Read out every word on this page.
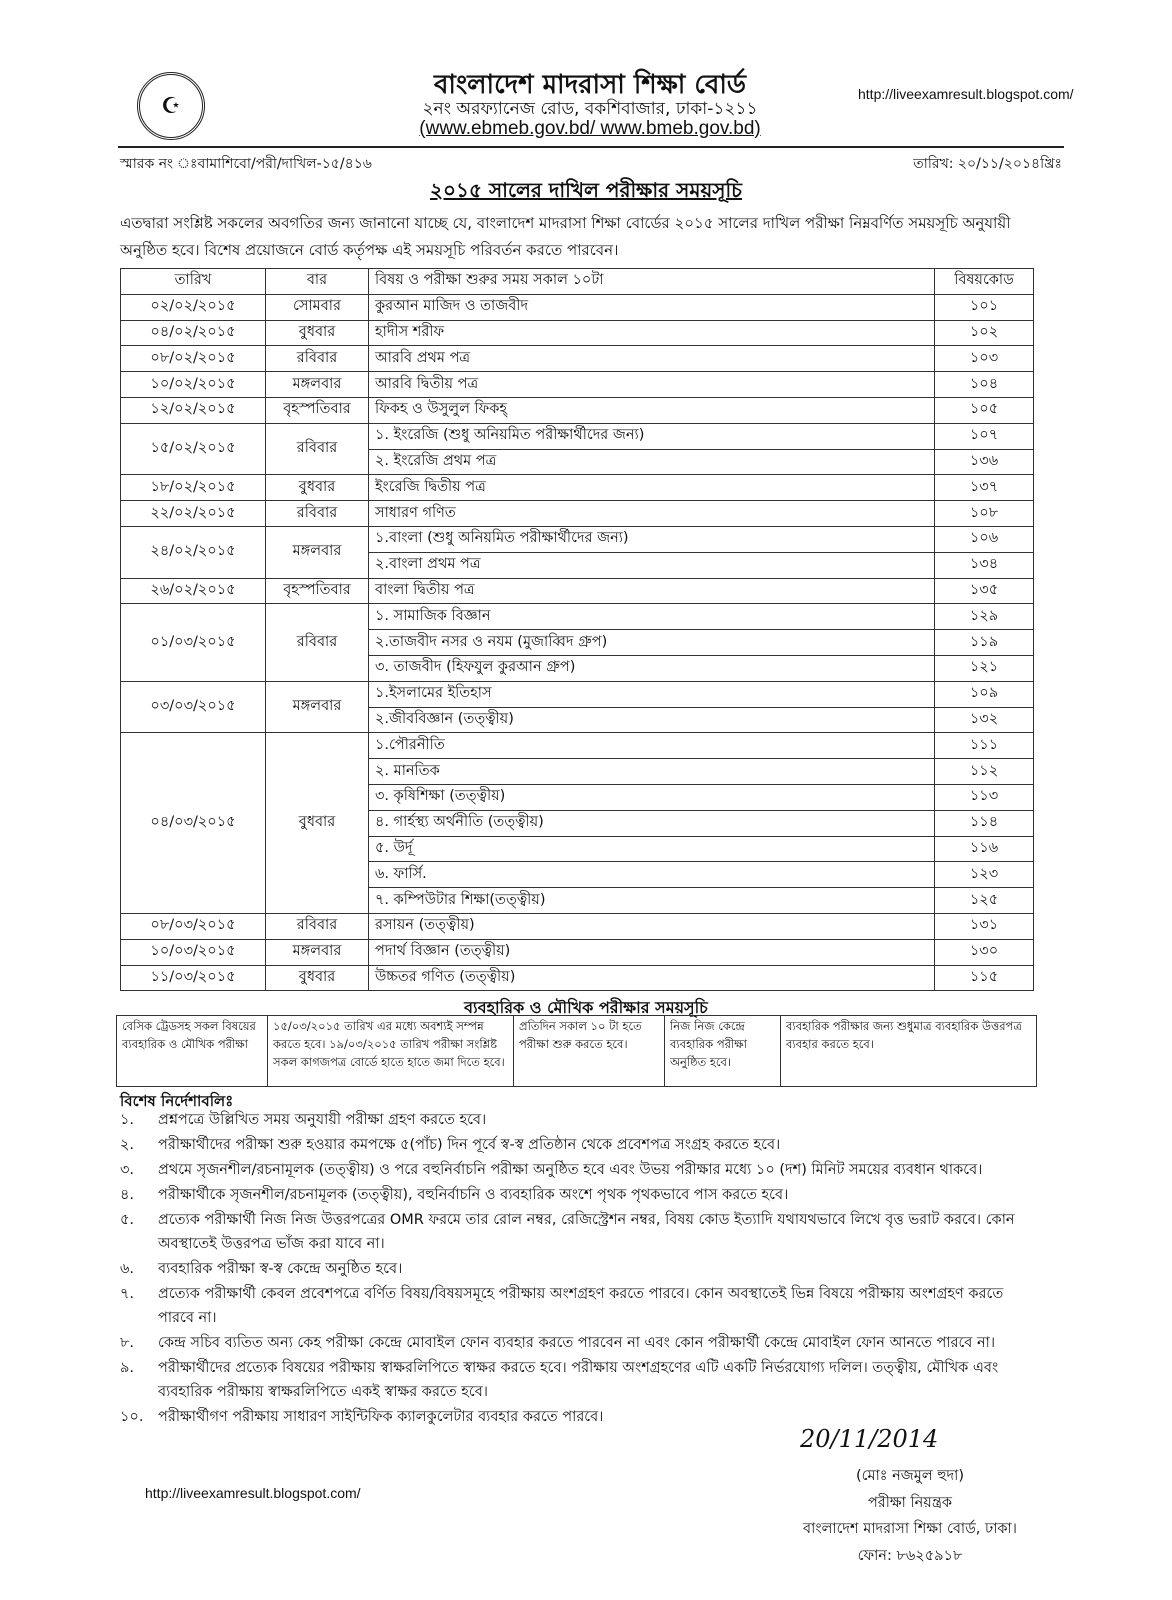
☪
বাংলাদেশ মাদরাসা শিক্ষা বোর্ড
২নং অরফ্যানেজ রোড, বকশিবাজার, ঢাকা-১২১১
(www.ebmeb.gov.bd/ www.bmeb.gov.bd)
http://liveexamresult.blogspot.com/
স্মারক নং ঃবামাশিবো/পরী/দাখিল-১৫/৪১৬	তারিখ: ২০/১১/২০১৪খ্রিঃ
২০১৫ সালের দাখিল পরীক্ষার সময়সূচি
এতদ্বারা সংশ্লিষ্ট সকলের অবগতির জন্য জানানো যাচ্ছে যে, বাংলাদেশ মাদরাসা শিক্ষা বোর্ডের ২০১৫ সালের দাখিল পরীক্ষা নিম্নবর্ণিত সময়সূচি অনুযায়ী অনুষ্ঠিত হবে। বিশেষ প্রয়োজনে বোর্ড কর্তৃপক্ষ এই সময়সূচি পরিবর্তন করতে পারবেন।
তারিখ	বার	বিষয় ও পরীক্ষা শুরুর সময় সকাল ১০টা	বিষয়কোড
০২/০২/২০১৫	সোমবার	কুরআন মাজিদ ও তাজবীদ	১০১
০৪/০২/২০১৫	বুধবার	হাদীস শরীফ	১০২
০৮/০২/২০১৫	রবিবার	আরবি প্রথম পত্র	১০৩
১০/০২/২০১৫	মঙ্গলবার	আরবি দ্বিতীয় পত্র	১০৪
১২/০২/২০১৫	বৃহস্পতিবার	ফিকহ ও উসুলুল ফিকহ্	১০৫
১৫/০২/২০১৫	রবিবার	১. ইংরেজি (শুধু অনিয়মিত পরীক্ষার্থীদের জন্য)	১০৭
		২. ইংরেজি প্রথম পত্র	১৩৬
১৮/০২/২০১৫	বুধবার	ইংরেজি দ্বিতীয় পত্র	১৩৭
২২/০২/২০১৫	রবিবার	সাধারণ গণিত	১০৮
২৪/০২/২০১৫	মঙ্গলবার	১.বাংলা (শুধু অনিয়মিত পরীক্ষার্থীদের জন্য)	১০৬
		২.বাংলা প্রথম পত্র	১৩৪
২৬/০২/২০১৫	বৃহস্পতিবার	বাংলা দ্বিতীয় পত্র	১৩৫
০১/০৩/২০১৫	রবিবার	১. সামাজিক বিজ্ঞান	১২৯
		২.তাজবীদ নসর ও নযম (মুজাব্বিদ গ্রুপ)	১১৯
		৩. তাজবীদ (হিফযুল কুরআন গ্রুপ)	১২১
০৩/০৩/২০১৫	মঙ্গলবার	১.ইসলামের ইতিহাস	১০৯
		২.জীববিজ্ঞান (তত্ত্বীয়)	১৩২
০৪/০৩/২০১৫	বুধবার	১.পৌরনীতি	১১১
		২. মানতিক	১১২
		৩. কৃষিশিক্ষা (তত্ত্বীয়)	১১৩
		৪. গার্হস্থ্য অর্থনীতি (তত্ত্বীয়)	১১৪
		৫. উর্দূ	১১৬
		৬. ফার্সি.	১২৩
		৭. কম্পিউটার শিক্ষা(তত্ত্বীয়)	১২৫
০৮/০৩/২০১৫	রবিবার	রসায়ন (তত্ত্বীয়)	১৩১
১০/০৩/২০১৫	মঙ্গলবার	পদার্থ বিজ্ঞান (তত্ত্বীয়)	১৩০
১১/০৩/২০১৫	বুধবার	উচ্চতর গণিত (তত্ত্বীয়)	১১৫
ব্যবহারিক ও মৌখিক পরীক্ষার সময়সূচি
বেসিক ট্রেডসহ সকল বিষয়ের ব্যবহারিক ও মৌখিক পরীক্ষা	১৫/০৩/২০১৫ তারিখ এর মধ্যে অবশ্যই সম্পন্ন করতে হবে। ১৯/০৩/২০১৫ তারিখ পরীক্ষা সংশ্লিষ্ট সকল কাগজপত্র বোর্ডে হাতে হাতে জমা দিতে হবে।	প্রতিদিন সকাল ১০ টা হতে পরীক্ষা শুরু করতে হবে।	নিজ নিজ কেন্দ্রে ব্যবহারিক পরীক্ষা অনুষ্ঠিত হবে।	ব্যবহারিক পরীক্ষার জন্য শুধুমাত্র ব্যবহারিক উত্তরপত্র ব্যবহার করতে হবে।
বিশেষ নির্দেশাবলিঃ
১.	প্রশ্নপত্রে উল্লিখিত সময় অনুযায়ী পরীক্ষা গ্রহণ করতে হবে।
২.	পরীক্ষার্থীদের পরীক্ষা শুরু হওয়ার কমপক্ষে ৫(পাঁচ) দিন পূর্বে স্ব-স্ব প্রতিষ্ঠান থেকে প্রবেশপত্র সংগ্রহ করতে হবে।
৩.	প্রথমে সৃজনশীল/রচনামূলক (তত্ত্বীয়) ও পরে বহুনির্বাচনি পরীক্ষা অনুষ্ঠিত হবে এবং উভয় পরীক্ষার মধ্যে ১০ (দশ) মিনিট সময়ের ব্যবধান থাকবে।
৪.	পরীক্ষার্থীকে সৃজনশীল/রচনামূলক (তত্ত্বীয়), বহুনির্বাচনি ও ব্যবহারিক অংশে পৃথক পৃথকভাবে পাস করতে হবে।
৫.	প্রত্যেক পরীক্ষার্থী নিজ নিজ উত্তরপত্রের OMR ফরমে তার রোল নম্বর, রেজিস্ট্রেশন নম্বর, বিষয় কোড ইত্যাদি যথাযথভাবে লিখে বৃত্ত ভরাট করবে। কোন অবস্থাতেই উত্তরপত্র ভাঁজ করা যাবে না।
৬.	ব্যবহারিক পরীক্ষা স্ব-স্ব কেন্দ্রে অনুষ্ঠিত হবে।
৭.	প্রত্যেক পরীক্ষার্থী কেবল প্রবেশপত্রে বর্ণিত বিষয়/বিষয়সমূহে পরীক্ষায় অংশগ্রহণ করতে পারবে। কোন অবস্থাতেই ভিন্ন বিষয়ে পরীক্ষায় অংশগ্রহণ করতে পারবে না।
৮.	কেন্দ্র সচিব ব্যতিত অন্য কেহ পরীক্ষা কেন্দ্রে মোবাইল ফোন ব্যবহার করতে পারবেন না এবং কোন পরীক্ষার্থী কেন্দ্রে মোবাইল ফোন আনতে পারবে না।
৯.	পরীক্ষার্থীদের প্রত্যেক বিষয়ের পরীক্ষায় স্বাক্ষরলিপিতে স্বাক্ষর করতে হবে। পরীক্ষায় অংশগ্রহণের এটি একটি নির্ভরযোগ্য দলিল। তত্ত্বীয়, মৌখিক এবং ব্যবহারিক পরীক্ষায় স্বাক্ষরলিপিতে একই স্বাক্ষর করতে হবে।
১০.	পরীক্ষার্থীগণ পরীক্ষায় সাধারণ সাইন্টিফিক ক্যালকুলেটার ব্যবহার করতে পারবে।
20/11/2014
(মোঃ নজমুল হুদা)
পরীক্ষা নিয়ন্ত্রক
বাংলাদেশ মাদরাসা শিক্ষা বোর্ড, ঢাকা।
ফোন: ৮৬২৫৯১৮
http://liveexamresult.blogspot.com/
